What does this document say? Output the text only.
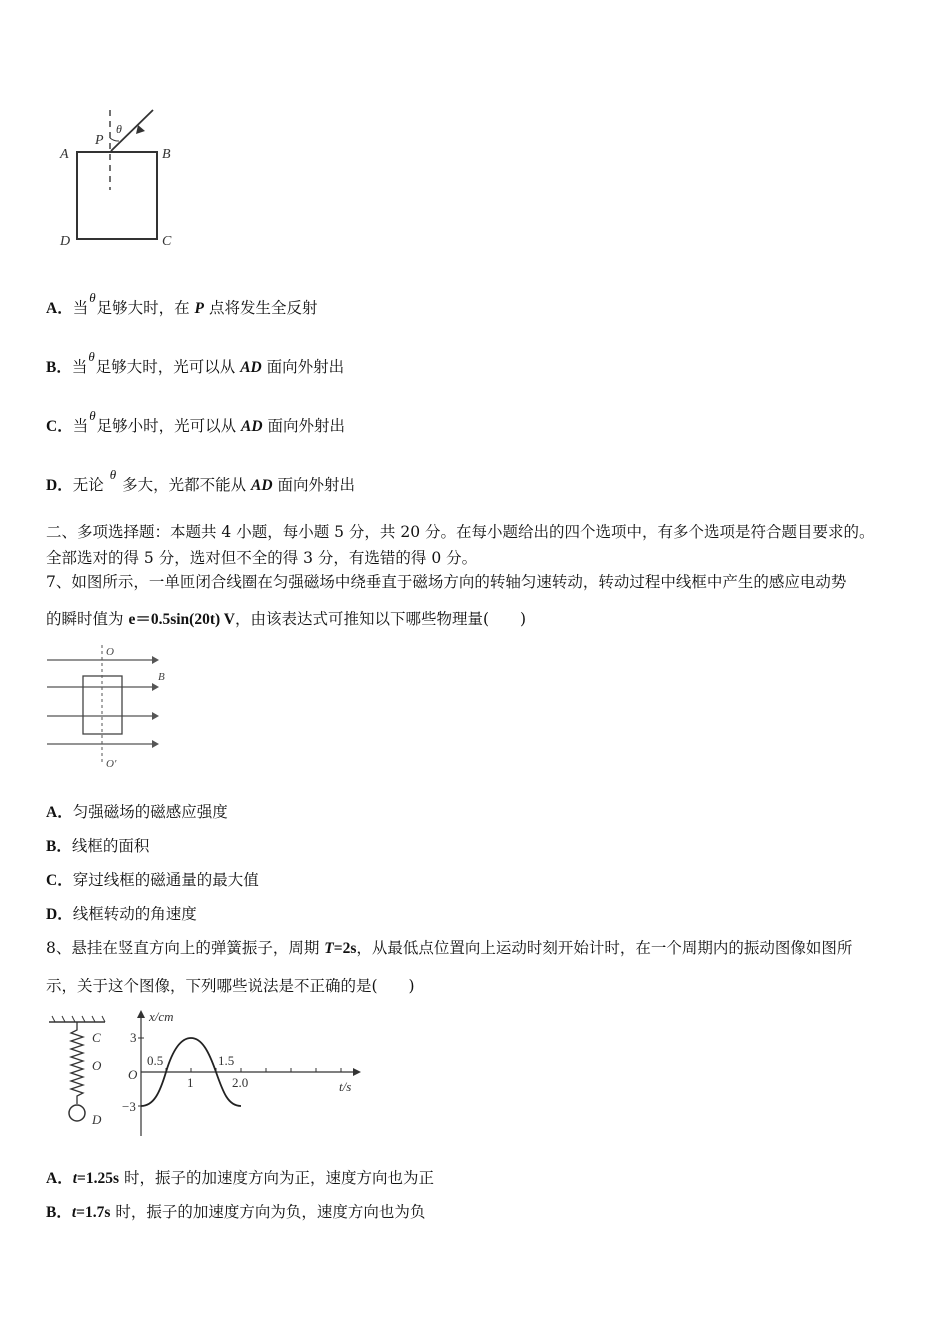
A	B
D	C
P
θ
A．当$^\theta$足够大时，在 P 点将发生全反射
B．当$^\theta$足够大时，光可以从 AD 面向外射出
C．当$^\theta$足够小时，光可以从 AD 面向外射出
D．无论$^\theta$多大，光都不能从 AD 面向外射出
二、多项选择题：本题共 4 小题，每小题 5 分，共 20 分。在每小题给出的四个选项中，有多个选项是符合题目要求的。
全部选对的得 5 分，选对但不全的得 3 分，有选错的得 0 分。
7、如图所示，一单匝闭合线圈在匀强磁场中绕垂直于磁场方向的转轴匀速转动，转动过程中线框中产生的感应电动势
的瞬时值为 e＝0.5sin(20t) V，由该表达式可推知以下哪些物理量(　　)
O
O′
B
A．匀强磁场的磁感应强度
B．线框的面积
C．穿过线框的磁通量的最大值
D．线框转动的角速度
8、悬挂在竖直方向上的弹簧振子，周期 T=2s，从最低点位置向上运动时刻开始计时，在一个周期内的振动图像如图所
示，关于这个图像，下列哪些说法是不正确的是(　　)
C
O
D
x/cm
t/s
O
3
−3
0.5
1
1.5
2.0
A．t=1.25s 时，振子的加速度方向为正，速度方向也为正
B．t=1.7s 时，振子的加速度方向为负，速度方向也为负
